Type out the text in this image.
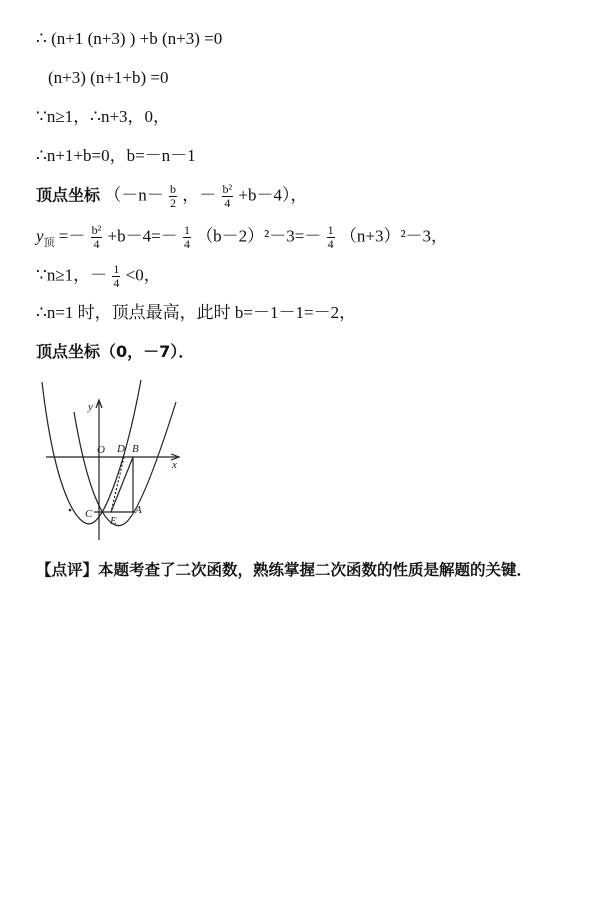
∴ (n+1 (n+3) ) +b (n+3) =0
(n+3) (n+1+b) =0
∵n≥1，∴n+3，0，
∴n+1+b=0，b=－n－1
顶点坐标 （$-n- \frac{b}{2}$ ，－ $\frac{\text{b²}}{4} +b-4$），
$y_顶 =- \frac{\text{b²}}{4} +b-4=- \frac{1}{4} (b-2)^2-3=- \frac{1}{4} (n+3)^2-3$，
∵n≥1，－ $\frac{1}{4} <0$，
∴n=1 时，顶点最高，此时 b=－1－1=－2，
顶点坐标（0，－7）．
y
x
O D B
C
E
A
【点评】本题考查了二次函数，熟练掌握二次函数的性质是解题的关键．
